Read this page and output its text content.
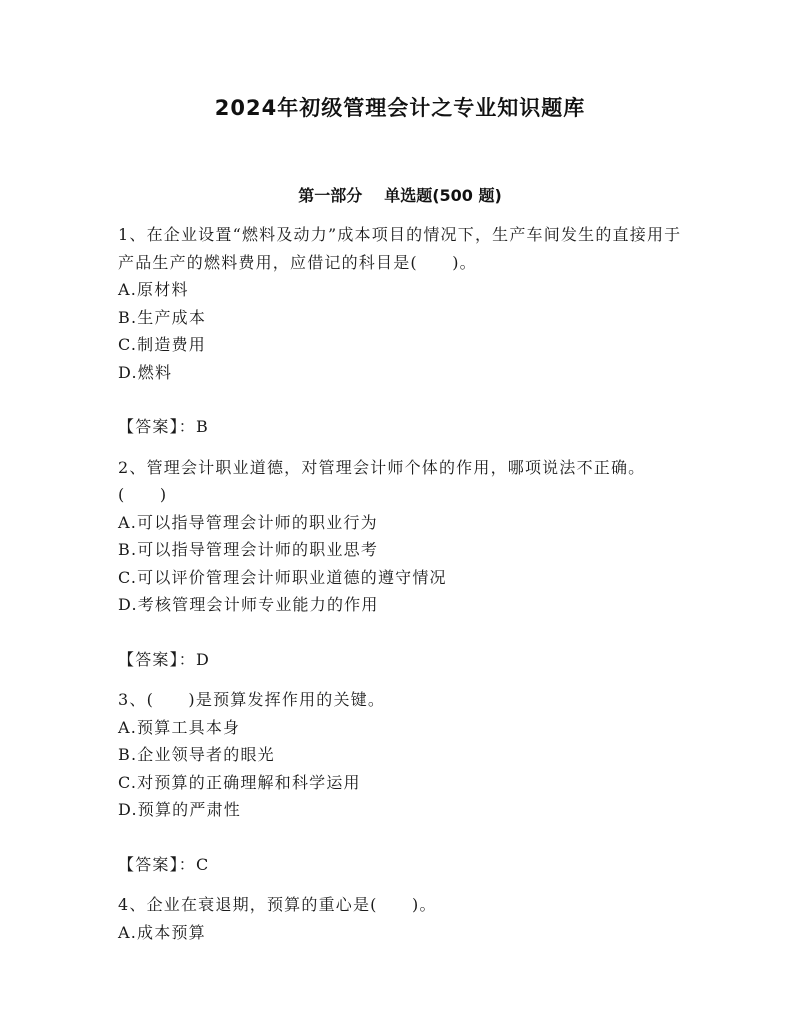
2024年初级管理会计之专业知识题库
第一部分 单选题(500 题)

1、在企业设置“燃料及动力”成本项目的情况下，生产车间发生的直接用于产品生产的燃料费用，应借记的科目是(　　)。

A.原材料

B.生产成本

C.制造费用

D.燃料

【答案】：B

2、管理会计职业道德，对管理会计师个体的作用，哪项说法不正确。(　　)

A.可以指导管理会计师的职业行为

B.可以指导管理会计师的职业思考

C.可以评价管理会计师职业道德的遵守情况

D.考核管理会计师专业能力的作用

【答案】：D

3、(　　)是预算发挥作用的关键。

A.预算工具本身

B.企业领导者的眼光

C.对预算的正确理解和科学运用

D.预算的严肃性

【答案】：C

4、企业在衰退期，预算的重心是(　　)。

A.成本预算
